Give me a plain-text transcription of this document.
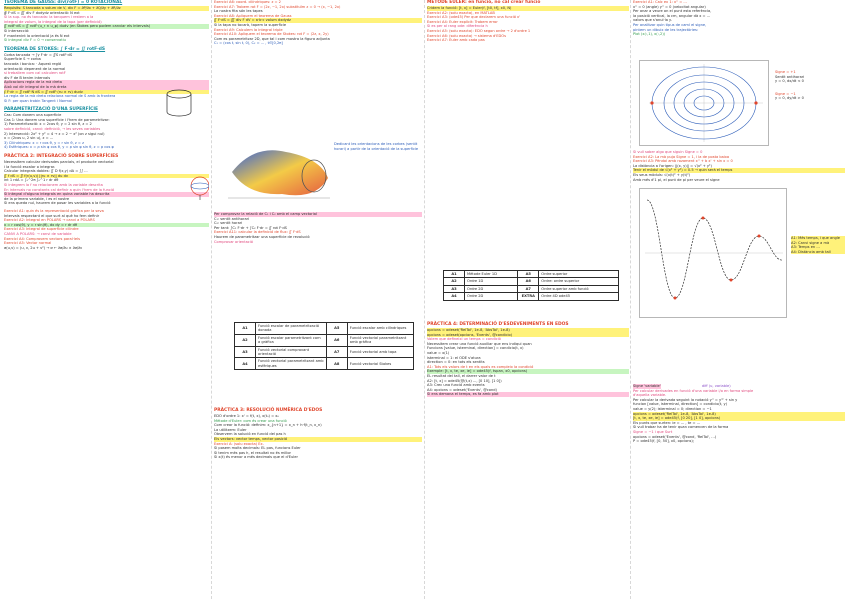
TEOREMA DE GAUSS: div(rotF) = 0 ROTACIONAL

Requisits: S tancada a volum de V, div F = ∂P/∂x + ∂Q/∂y + ∂R/∂z

∯ F·dS = ∭ div F dxdydz orientació: N ext

Si la sup. no és tancada: la tanquem i restem a la

integral de volum, la integral de la tapa (per definició)

∬ rotF·dS = ∬ rotF·(u_r × u_φ) dudv (en Stokes pero podem canviar els intervals)

Si intersecció:

F mantenint la orientació ja és N ext

Si integral div F = 0 → conservatiu

TEOREMA DE STOKES: ∫ F·dr = ∬ rotF·dS

Corba tancada → ∫γ F·dr = ∬S rotF·dS

Superfície S → corba

tancada i bonica: · Aquest regló

orientació: depenent de la normal

si treballem com cal calculem rotF

div F de B tenim intervals

Aplicacions regla de la mà dreta

Això vol dir integral de la mà dreta

∮ F·dr = ∬ rotF·N dS = ∬ rotF·(ru × rv) dudv

La regla de la mà dreta relaciona normal de S amb la frontera

Si F: per quan trobin Tangent i Normal

PARAMETRITZACIÓ D'UNA SUPERFÍCIE

Cas: Com donem una superfície

Cas 1: Una donem una superfície i l'hem de parametritzar:

1) Parametrització: x = 2cos θ, y = 2 sin θ, z = 2

sobre definició, canvi: definició, → les seves variables

2) Intersecció: 2x² + y² = 4 → z = 2 − x² (on z sigui nul)

x = (2cos u, 2 sin u), z = ...

3) Cilíndriques: x = r cos θ, y = r sin θ, z = z

4) Esfèriques: x = ρ sin φ cos θ, y = ρ sin φ sin θ, z = ρ cos φ

PRÀCTICA 2: INTEGRACIÓ SOBRE SUPERFÍCIES

Necessitem calcular derivades parcials, el producte vectorial

i la funció escalar o integrar.

Calcular integrals dobles: ∬ D f(x,y) dA = ∫∫ ...

∬ f dS = ∬ f(r(u,v)) ||ru × rv|| du dv

int 1 rdA = ∫₀^2π ∫₀^1 r dr dθ

Si integrem la f no relacionem amb la variable descrita

En intervals no constants cal definir a quin l'hem de la funció

Si integral d'alguna integrals en quina variable ha descrita

de la primera variable, i es el nostre

Si ens queda nul, haurem de posar les variables a la funció

Exercici A1: quin és la representació gràfica per la seva

Intervals respectant el que surt al què ho fem definir

Exercici A2: Integral en POLARS → canvi a POLARS

x = r cos(θ), y = r sin(θ), dx dy = r dr dθ

Exercici A3: Integral de superfície cilindre

CANVI A POLARS: → canvi de variable

Exercici A4: Comprovem vectors paral·lels

Exercici A5: Vector normal

σ(u,v) = (u, v, 2u + v²) → σ ← ∂σ/∂u × ∂σ/∂v

Exercici A6: coord. cilíndriques: z = 2

Exercici A7: Trobem rot F = (2z, −1, 2x) substituïm z = 0 → (x, −1, 2x)

La nostra fita són les tapes

Exercici A8: Apliquem el teorema de Gauss

∬ F·dS = ∭ div F dV = a·b·c volum dxdydz

Si la tapa no tocarà, tapem la superfície

Exercici A9: Calculem la integral triple

Exercici A10: Apliquem el teorema de Stokes: rot F = (2z, x, 2y)

Com es parametritzar 2D, que tal i com mostra la figura adjunta

C₁ = (cos t, sin t, 0), C₂ = ... , t∈[0,2π]

Dedicant les orientacions de les corbes (sentit horari) a partir de la orientació de la superfície

Per comprovar la relació de C₁ i C₂ amb el camp vectorial

C₁: sentit antihorari

C₂: sentit horari

Per tant: ∫C₁ F·dr + ∫C₂ F·dr = ∬ rot F·dS

Exercici A11: calcular la definició de flux: ∬ F·dS

Haurem de parametritzar una superfície de revolució

Comprovar orientació

A1	Funció escalar de parametrització donada	A5	Funció escalar amb cilíndriques
A2	Funció escalar parametritzant com a gràfica	A6	Funció vectorial parametritzant amb gràfica
A3	Funció vectorial comprovant orientació	A7	Funció vectorial amb tapa
A4	Funció vectorial parametritzant amb esfèriques	A8	Funció vectorial Stokes

PRÀCTICA 3: RESOLUCIÓ NUMÈRICA D'EDOS

EDO d'ordre 1: x' = f(t, x), x(t₀) = x₀

Mètode d'Euler: com és crear una funció

Com crear la funció: definim: x_{n+1} = x_n + h·f(t_n, x_n)

La utilitzem: Euler

Observem la solució en funció del pas h

Els vectors: vector temps, vector posició

Exercici A: (solu exacta) Ex.

Si posem molts decimals: EL pas, funcions Euler

Si tenim més pas h, el resultat no és millor

Si x(t) és menor a més decimals que el d'Euler

MÈTODE EULER: en funció, no cal crear funció

Cridem la funció: [t, x] = Euler(f, [t0, tf], x0, N)

Exercici A2: (solu exacta), en MATLAB

Exercici A3: (ode45) Per que declarem una funció x'

Exercici A4: Euler explícit: Trobem error

Si es per al rang ode: diferència h

Exercici A5: (solu exacta): EDO segon ordre → 2 d'ordre 1

Exercici A6: (solu exacta) → sistema d'EDOs

Exercici A7: Euler amb cada pas

A1	Mètode Euler 1D	A5	Ordre superior
A2	Ordre 1D	A6	Ordre: ordre superior
A3	Ordre 2D	A7	Ordre superior amb funció
A4	Ordre 2D	EXTRA	Ordre 4D ode45

PRÀCTICA 4: DETERMINACIÓ D'ESDEVENIMENTS EN EDOS

opcions = odeset('RelTol', 1e-8, 'AbsTol', 1e-8)

opcions = odeset(opcions, 'Events', @condicio)

Volem que defineixi un temps = condició

Necessitem crear una funció auxiliar que ens indiqui quan

Funcions [value, isterminal, direction] = condicio(t, x)

value = x(1)

isterminal = 1: el ODE s'atura

direction = 0: en tots els sentits

A1: Tots els valors de t en els quals es compleix la condició

Exemple: [t, x, te, xe, ie] = ode45(f, tspan, x0, opcions)

EL resultat del tall, el darrer valor de t

A2: [t, x] = ode45(@(t,x) ..., [0 10], [1 0])

A3: Crec una funció amb events

A4: opcions = odeset('Events', @cond)

Si ens demana el temps, es fa amb plot

Exercici A1: Calc ex 1: x'' = ...

x'' = 0 (angle) y'' = 0 (velocitat angular)

Per anar a veure on el punt esta referència,

la posició vertical, la cm, angular dà x = ...

valors que s'anul·la y.

Per analitzar quin tipus de camí el signe,

pintem un dibuix de les trajectòries:

Plot (x(:,1), x(:,2))

Signe = +1

Sentit antihorari

y = 0, dx/dt < 0

Signe = −1

y = 0, dy/dt > 0

Si vull saber algo que siguin Signe = 0

Exercici A2: La mà puja Signe = 1, i la de posta baixa

Exercici A3: Pèndol amb rozament x'' + b x' + sin x = 0

La distància a l'origen: ||(x, y)|| = √(x² + y²)

Tenir el mòdul de √(x² + y²) = 0.5 → quin serà el temps

Els seus mòduls: √(x(t)² + y(t)²)

Amb més d'1 pi, el punt de pi per veure el signe

A1: Més temps, i que angle

A2: Canvi signe a mà

A3: Temps en ...

A4: Distància amb tall

Signe 'variable'

	diff (u, variable)

Per calcular derivades en funció d'una variable i/o en forma simple

d'aquella variable.

Per calcular la derivada seguint la notació y'' = y'² + sin y

funcion [value, isterminal, direction] = condicio(t, y)

value = y(2); isterminal = 0; direction = −1

opcions = odeset('RelTol', 1e-8, 'AbsTol', 1e-8)

[t, x, te, xe, ie] = ode45(f, [0 20], [1 0], opcions)

Els punts que surten: ie = ... , te = ...

Si vull trobar ha de tenir quan comencen de la forma

Signe = −1 i que Surt

opcions = odeset('Events', @cond, 'RelTol', ...)

P = ode45(f, [0, 50], x0, opcions);
